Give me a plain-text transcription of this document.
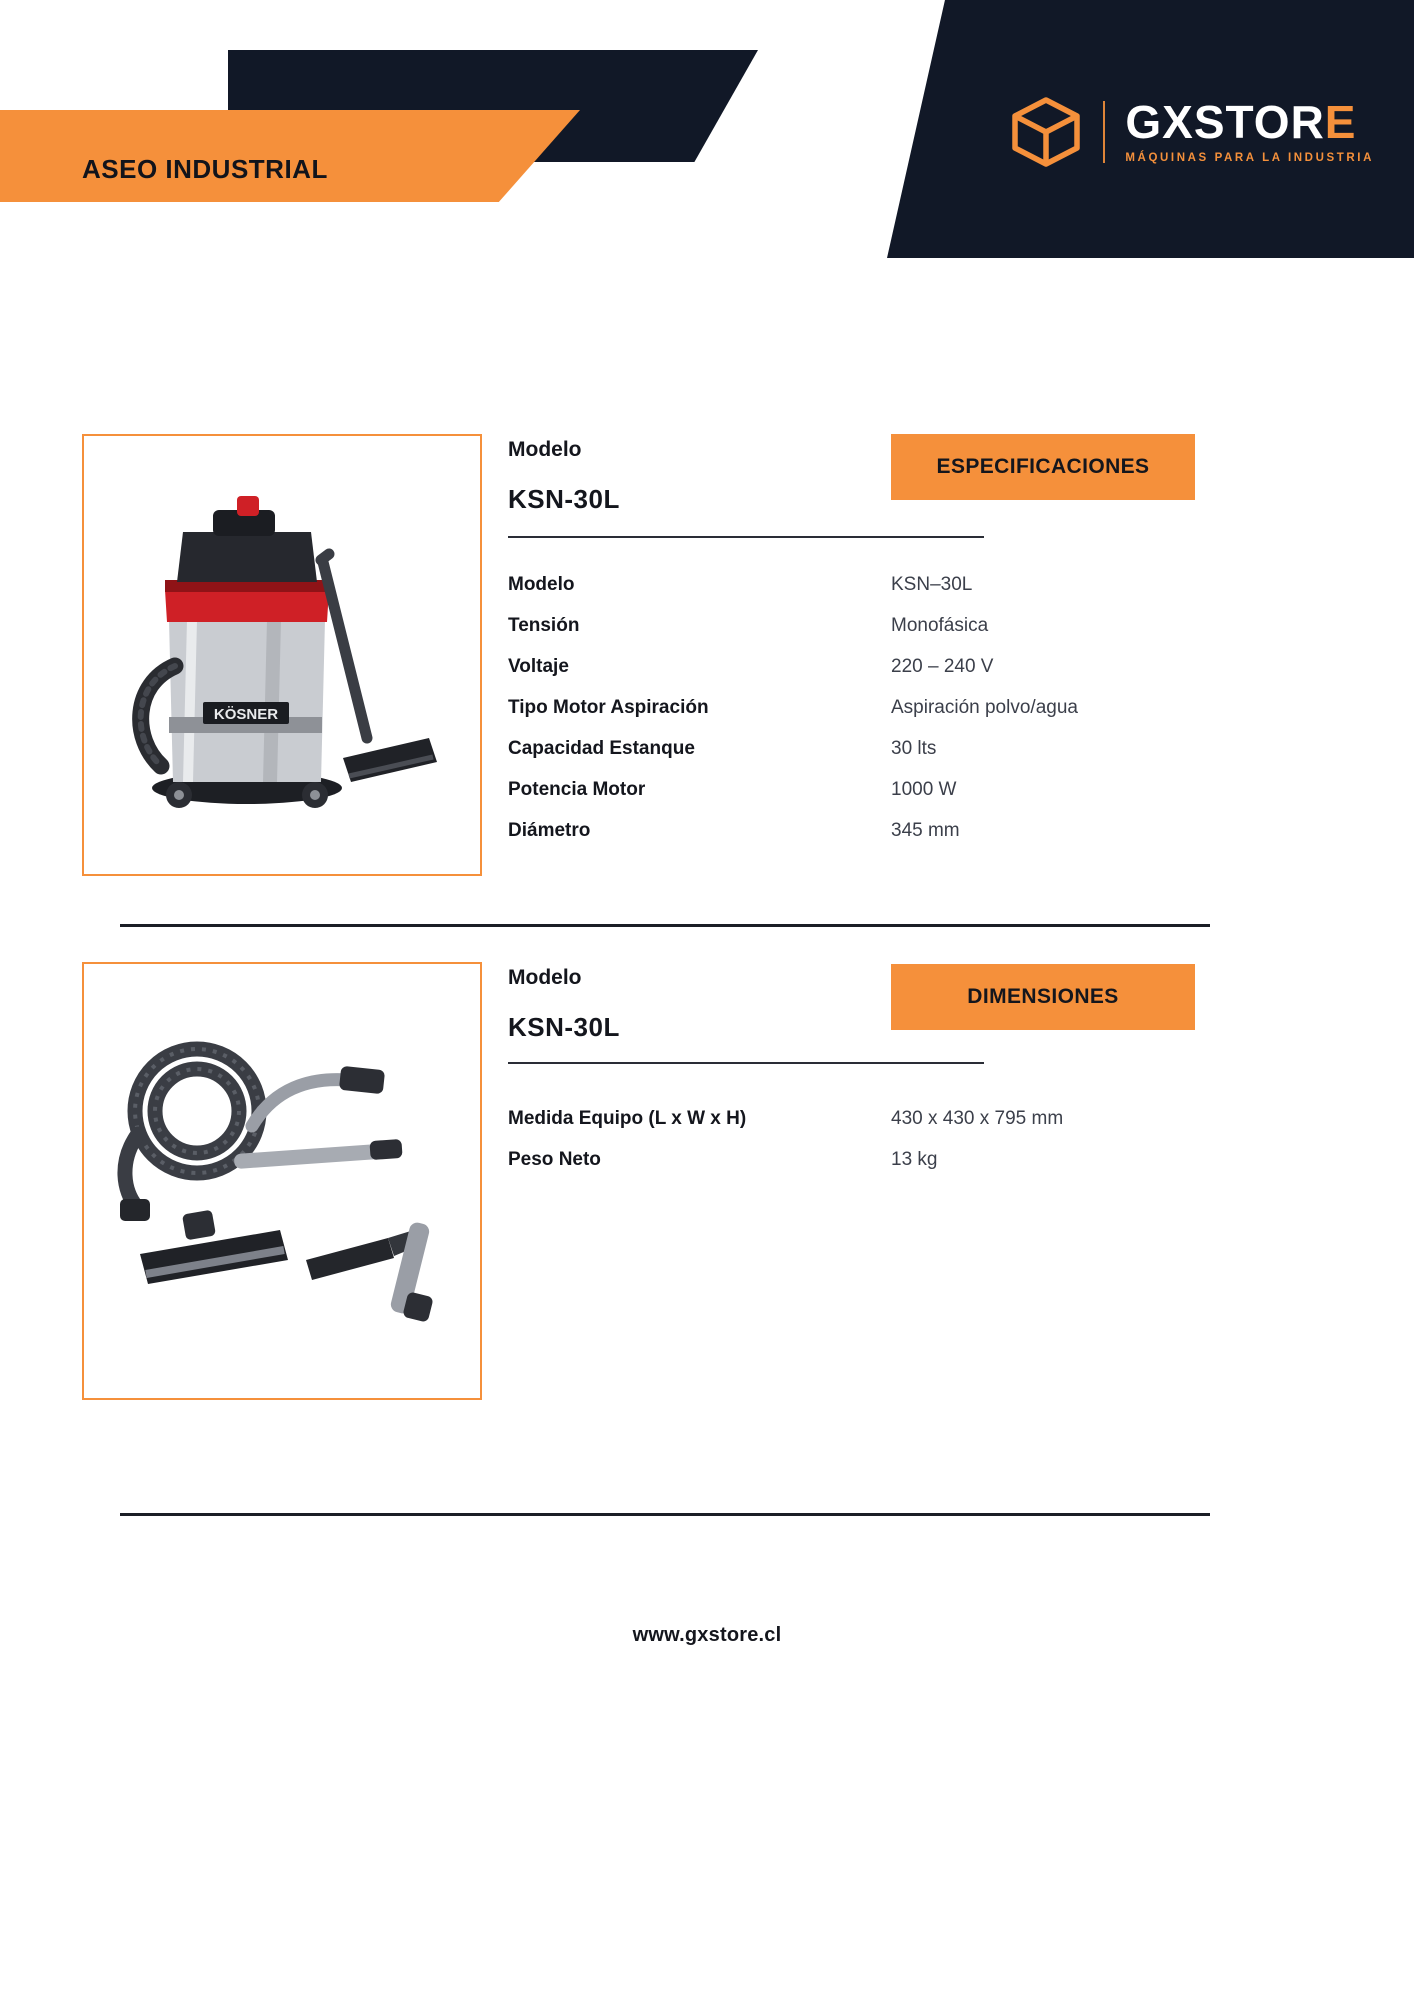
ASEO INDUSTRIAL
GXSTORE
MÁQUINAS PARA LA INDUSTRIA
KÖSNER
Modelo
KSN-30L
ESPECIFICACIONES
Modelo	KSN–30L
Tensión	Monofásica
Voltaje	220 – 240 V
Tipo Motor Aspiración	Aspiración polvo/agua
Capacidad Estanque	30 lts
Potencia Motor	1000 W
Diámetro	345 mm
Modelo
KSN-30L
DIMENSIONES
Medida Equipo (L x W x H)	430 x 430 x 795 mm
Peso Neto	13 kg
www.gxstore.cl
